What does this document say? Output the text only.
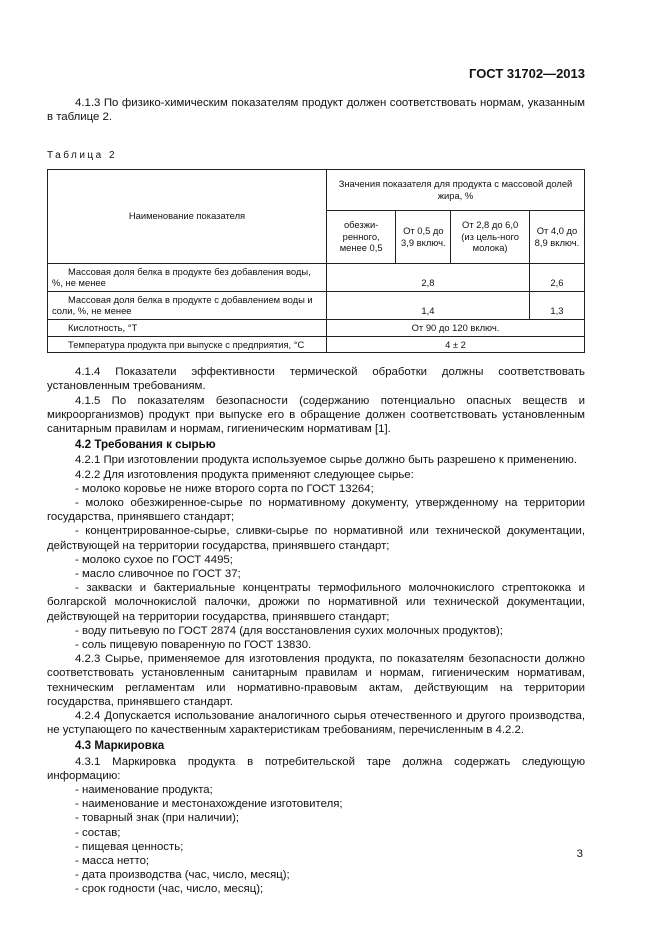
ГОСТ 31702—2013

4.1.3 По физико-химическим показателям продукт должен соответствовать нормам, указанным в таблице 2.

Таблица 2
Наименование показателя	Значения показателя для продукта с массовой долей жира, %			
	обезжи-ренного, менее 0,5	От 0,5 до 3,9 включ.	От 2,8 до 6,0 (из цель-ного молока)	От 4,0 до 8,9 включ.
Массовая доля белка в продукте без добавления воды, %, не менее	2,8			2,6
Массовая доля белка в продукте с добавлением воды и соли, %, не менее	1,4			1,3
Кислотность, °Т	От 90 до 120 включ.			
Температура продукта при выпуске с предприятия, °С	4 ± 2			

4.1.4 Показатели эффективности термической обработки должны соответствовать установленным требованиям.

4.1.5 По показателям безопасности (содержанию потенциально опасных веществ и микроорганизмов) продукт при выпуске его в обращение должен соответствовать установленным санитарным правилам и нормам, гигиеническим нормативам [1].

4.2 Требования к сырью

4.2.1 При изготовлении продукта используемое сырье должно быть разрешено к применению.

4.2.2 Для изготовления продукта применяют следующее сырье:

- молоко коровье не ниже второго сорта по ГОСТ 13264;

- молоко обезжиренное-сырье по нормативному документу, утвержденному на территории государства, принявшего стандарт;

- концентрированное-сырье, сливки-сырье по нормативной или технической документации, действующей на территории государства, принявшего стандарт;

- молоко сухое по ГОСТ 4495;

- масло сливочное по ГОСТ 37;

- закваски и бактериальные концентраты термофильного молочнокислого стрептококка и болгарской молочнокислой палочки, дрожжи по нормативной или технической документации, действующей на территории государства, принявшего стандарт;

- воду питьевую по ГОСТ 2874 (для восстановления сухих молочных продуктов);

- соль пищевую поваренную по ГОСТ 13830.

4.2.3 Сырье, применяемое для изготовления продукта, по показателям безопасности должно соответствовать установленным санитарным правилам и нормам, гигиеническим нормативам, техническим регламентам или нормативно-правовым актам, действующим на территории государства, принявшего стандарт.

4.2.4 Допускается использование аналогичного сырья отечественного и другого производства, не уступающего по качественным характеристикам требованиям, перечисленным в 4.2.2.

4.3 Маркировка

4.3.1 Маркировка продукта в потребительской таре должна содержать следующую информацию:

- наименование продукта;

- наименование и местонахождение изготовителя;

- товарный знак (при наличии);

- состав;

- пищевая ценность;

- масса нетто;

- дата производства (час, число, месяц);

- срок годности (час, число, месяц);

3
